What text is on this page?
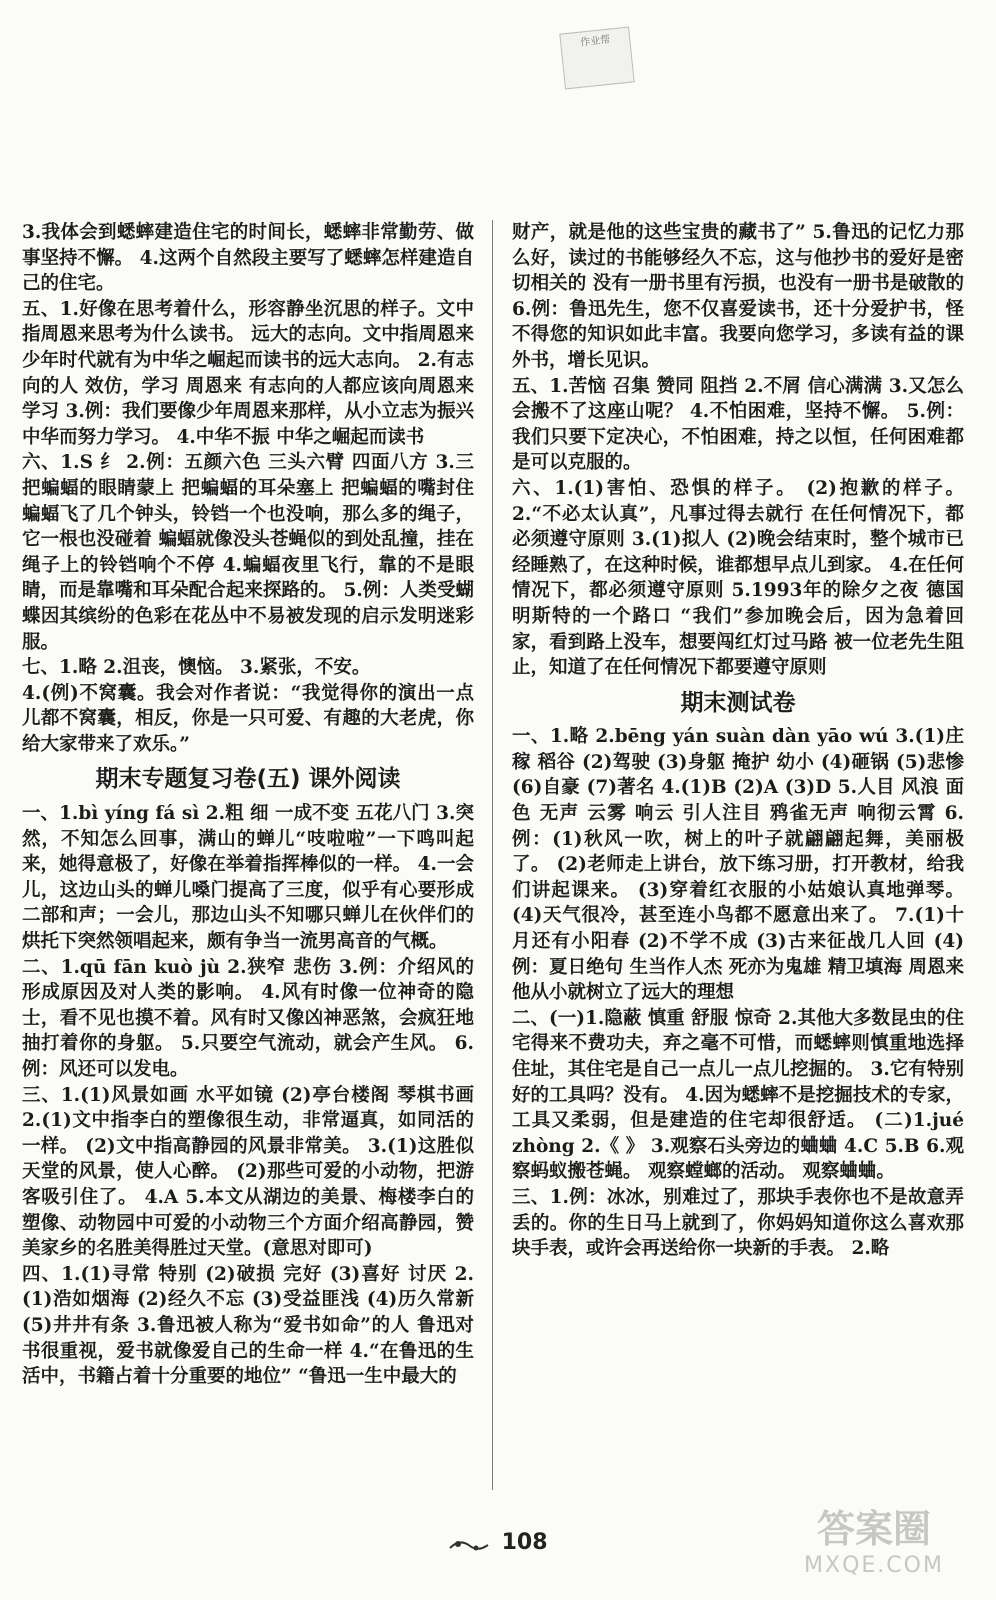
作业帮

3.我体会到蟋蟀建造住宅的时间长，蟋蟀非常勤劳、做事坚持不懈。 4.这两个自然段主要写了蟋蟀怎样建造自己的住宅。

五、1.好像在思考着什么，形容静坐沉思的样子。文中指周恩来思考为什么读书。 远大的志向。文中指周恩来少年时代就有为中华之崛起而读书的远大志向。 2.有志向的人 效仿，学习 周恩来 有志向的人都应该向周恩来学习 3.例：我们要像少年周恩来那样，从小立志为振兴中华而努力学习。 4.中华不振 中华之崛起而读书

六、1.S 纟 2.例：五颜六色 三头六臂 四面八方 3.三 把蝙蝠的眼睛蒙上 把蝙蝠的耳朵塞上 把蝙蝠的嘴封住 蝙蝠飞了几个钟头，铃铛一个也没响，那么多的绳子，它一根也没碰着 蝙蝠就像没头苍蝇似的到处乱撞，挂在绳子上的铃铛响个不停 4.蝙蝠夜里飞行，靠的不是眼睛，而是靠嘴和耳朵配合起来探路的。 5.例：人类受蝴蝶因其缤纷的色彩在花丛中不易被发现的启示发明迷彩服。

七、1.略 2.沮丧，懊恼。 3.紧张，不安。

4.(例)不窝囊。我会对作者说：“我觉得你的演出一点儿都不窝囊，相反，你是一只可爱、有趣的大老虎，你给大家带来了欢乐。”

期末专题复习卷(五) 课外阅读

一、1.bì yíng fá sì 2.粗 细 一成不变 五花八门 3.突然，不知怎么回事，满山的蝉儿“吱啦啦”一下鸣叫起来，她得意极了，好像在举着指挥棒似的一样。 4.一会儿，这边山头的蝉儿嗓门提高了三度，似乎有心要形成二部和声；一会儿，那边山头不知哪只蝉儿在伙伴们的烘托下突然领唱起来，颇有争当一流男高音的气概。

二、1.qū fān kuò jù 2.狭窄 悲伤 3.例：介绍风的形成原因及对人类的影响。 4.风有时像一位神奇的隐士，看不见也摸不着。风有时又像凶神恶煞，会疯狂地抽打着你的身躯。 5.只要空气流动，就会产生风。 6.例：风还可以发电。

三、1.(1)风景如画 水平如镜 (2)亭台楼阁 琴棋书画 2.(1)文中指李白的塑像很生动，非常逼真，如同活的一样。 (2)文中指高静园的风景非常美。 3.(1)这胜似天堂的风景，使人心醉。 (2)那些可爱的小动物，把游客吸引住了。 4.A 5.本文从湖边的美景、梅楼李白的塑像、动物园中可爱的小动物三个方面介绍高静园，赞美家乡的名胜美得胜过天堂。(意思对即可)

四、1.(1)寻常 特别 (2)破损 完好 (3)喜好 讨厌 2.(1)浩如烟海 (2)经久不忘 (3)受益匪浅 (4)历久常新 (5)井井有条 3.鲁迅被人称为“爱书如命”的人 鲁迅对书很重视，爱书就像爱自己的生命一样 4.“在鲁迅的生活中，书籍占着十分重要的地位” “鲁迅一生中最大的

财产，就是他的这些宝贵的藏书了” 5.鲁迅的记忆力那么好，读过的书能够经久不忘，这与他抄书的爱好是密切相关的 没有一册书里有污损，也没有一册书是破散的 6.例：鲁迅先生，您不仅喜爱读书，还十分爱护书，怪不得您的知识如此丰富。我要向您学习，多读有益的课外书，增长见识。

五、1.苦恼 召集 赞同 阻挡 2.不屑 信心满满 3.又怎么会搬不了这座山呢？ 4.不怕困难，坚持不懈。 5.例：我们只要下定决心，不怕困难，持之以恒，任何困难都是可以克服的。

六、1.(1)害怕、恐惧的样子。 (2)抱歉的样子。 2.“不必太认真”，凡事过得去就行 在任何情况下，都必须遵守原则 3.(1)拟人 (2)晚会结束时，整个城市已经睡熟了，在这种时候，谁都想早点儿到家。 4.在任何情况下，都必须遵守原则 5.1993年的除夕之夜 德国明斯特的一个路口 “我们”参加晚会后，因为急着回家，看到路上没车，想要闯红灯过马路 被一位老先生阻止，知道了在任何情况下都要遵守原则

期末测试卷

一、1.略 2.bēng yán suàn dàn yāo wú 3.(1)庄稼 稻谷 (2)驾驶 (3)身躯 掩护 幼小 (4)砸锅 (5)悲惨 (6)自豪 (7)著名 4.(1)B (2)A (3)D 5.人目 风浪 面色 无声 云雾 响云 引人注目 鸦雀无声 响彻云霄 6.例：(1)秋风一吹，树上的叶子就翩翩起舞，美丽极了。 (2)老师走上讲台，放下练习册，打开教材，给我们讲起课来。 (3)穿着红衣服的小姑娘认真地弹琴。 (4)天气很冷，甚至连小鸟都不愿意出来了。 7.(1)十月还有小阳春 (2)不学不成 (3)古来征战几人回 (4)例：夏日绝句 生当作人杰 死亦为鬼雄 精卫填海 周恩来 他从小就树立了远大的理想

二、(一)1.隐蔽 慎重 舒服 惊奇 2.其他大多数昆虫的住宅得来不费功夫，弃之毫不可惜，而蟋蟀则慎重地选择住址，其住宅是自己一点儿一点儿挖掘的。 3.它有特别好的工具吗？没有。 4.因为蟋蟀不是挖掘技术的专家，工具又柔弱，但是建造的住宅却很舒适。 (二)1.jué zhòng 2.《 》 3.观察石头旁边的蛐蛐 4.C 5.B 6.观察蚂蚁搬苍蝇。 观察螳螂的活动。 观察蛐蛐。

三、1.例：冰冰，别难过了，那块手表你也不是故意弄丢的。你的生日马上就到了，你妈妈知道你这么喜欢那块手表，或许会再送给你一块新的手表。 2.略

108	答案圈
MXQE.COM
